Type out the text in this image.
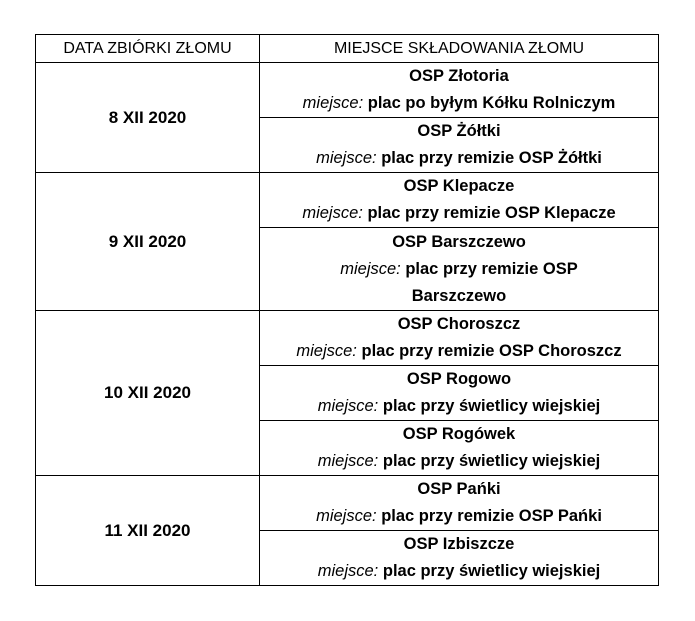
DATA ZBIÓRKI ZŁOMU	MIEJSCE SKŁADOWANIA ZŁOMU
8 XII 2020	OSP Złotoria
miejsce: plac po byłym Kółku Rolniczym

	OSP Żółtki
miejsce: plac przy remizie OSP Żółtki

9 XII 2020	OSP Klepacze
miejsce: plac przy remizie OSP Klepacze

	OSP Barszczewo
miejsce: plac przy remizie OSP Barszczewo

10 XII 2020	OSP Choroszcz
miejsce: plac przy remizie OSP Choroszcz

	OSP Rogowo
miejsce: plac przy świetlicy wiejskiej

	OSP Rogówek
miejsce: plac przy świetlicy wiejskiej

11 XII 2020	OSP Pańki
miejsce: plac przy remizie OSP Pańki

	OSP Izbiszcze
miejsce: plac przy świetlicy wiejskiej
